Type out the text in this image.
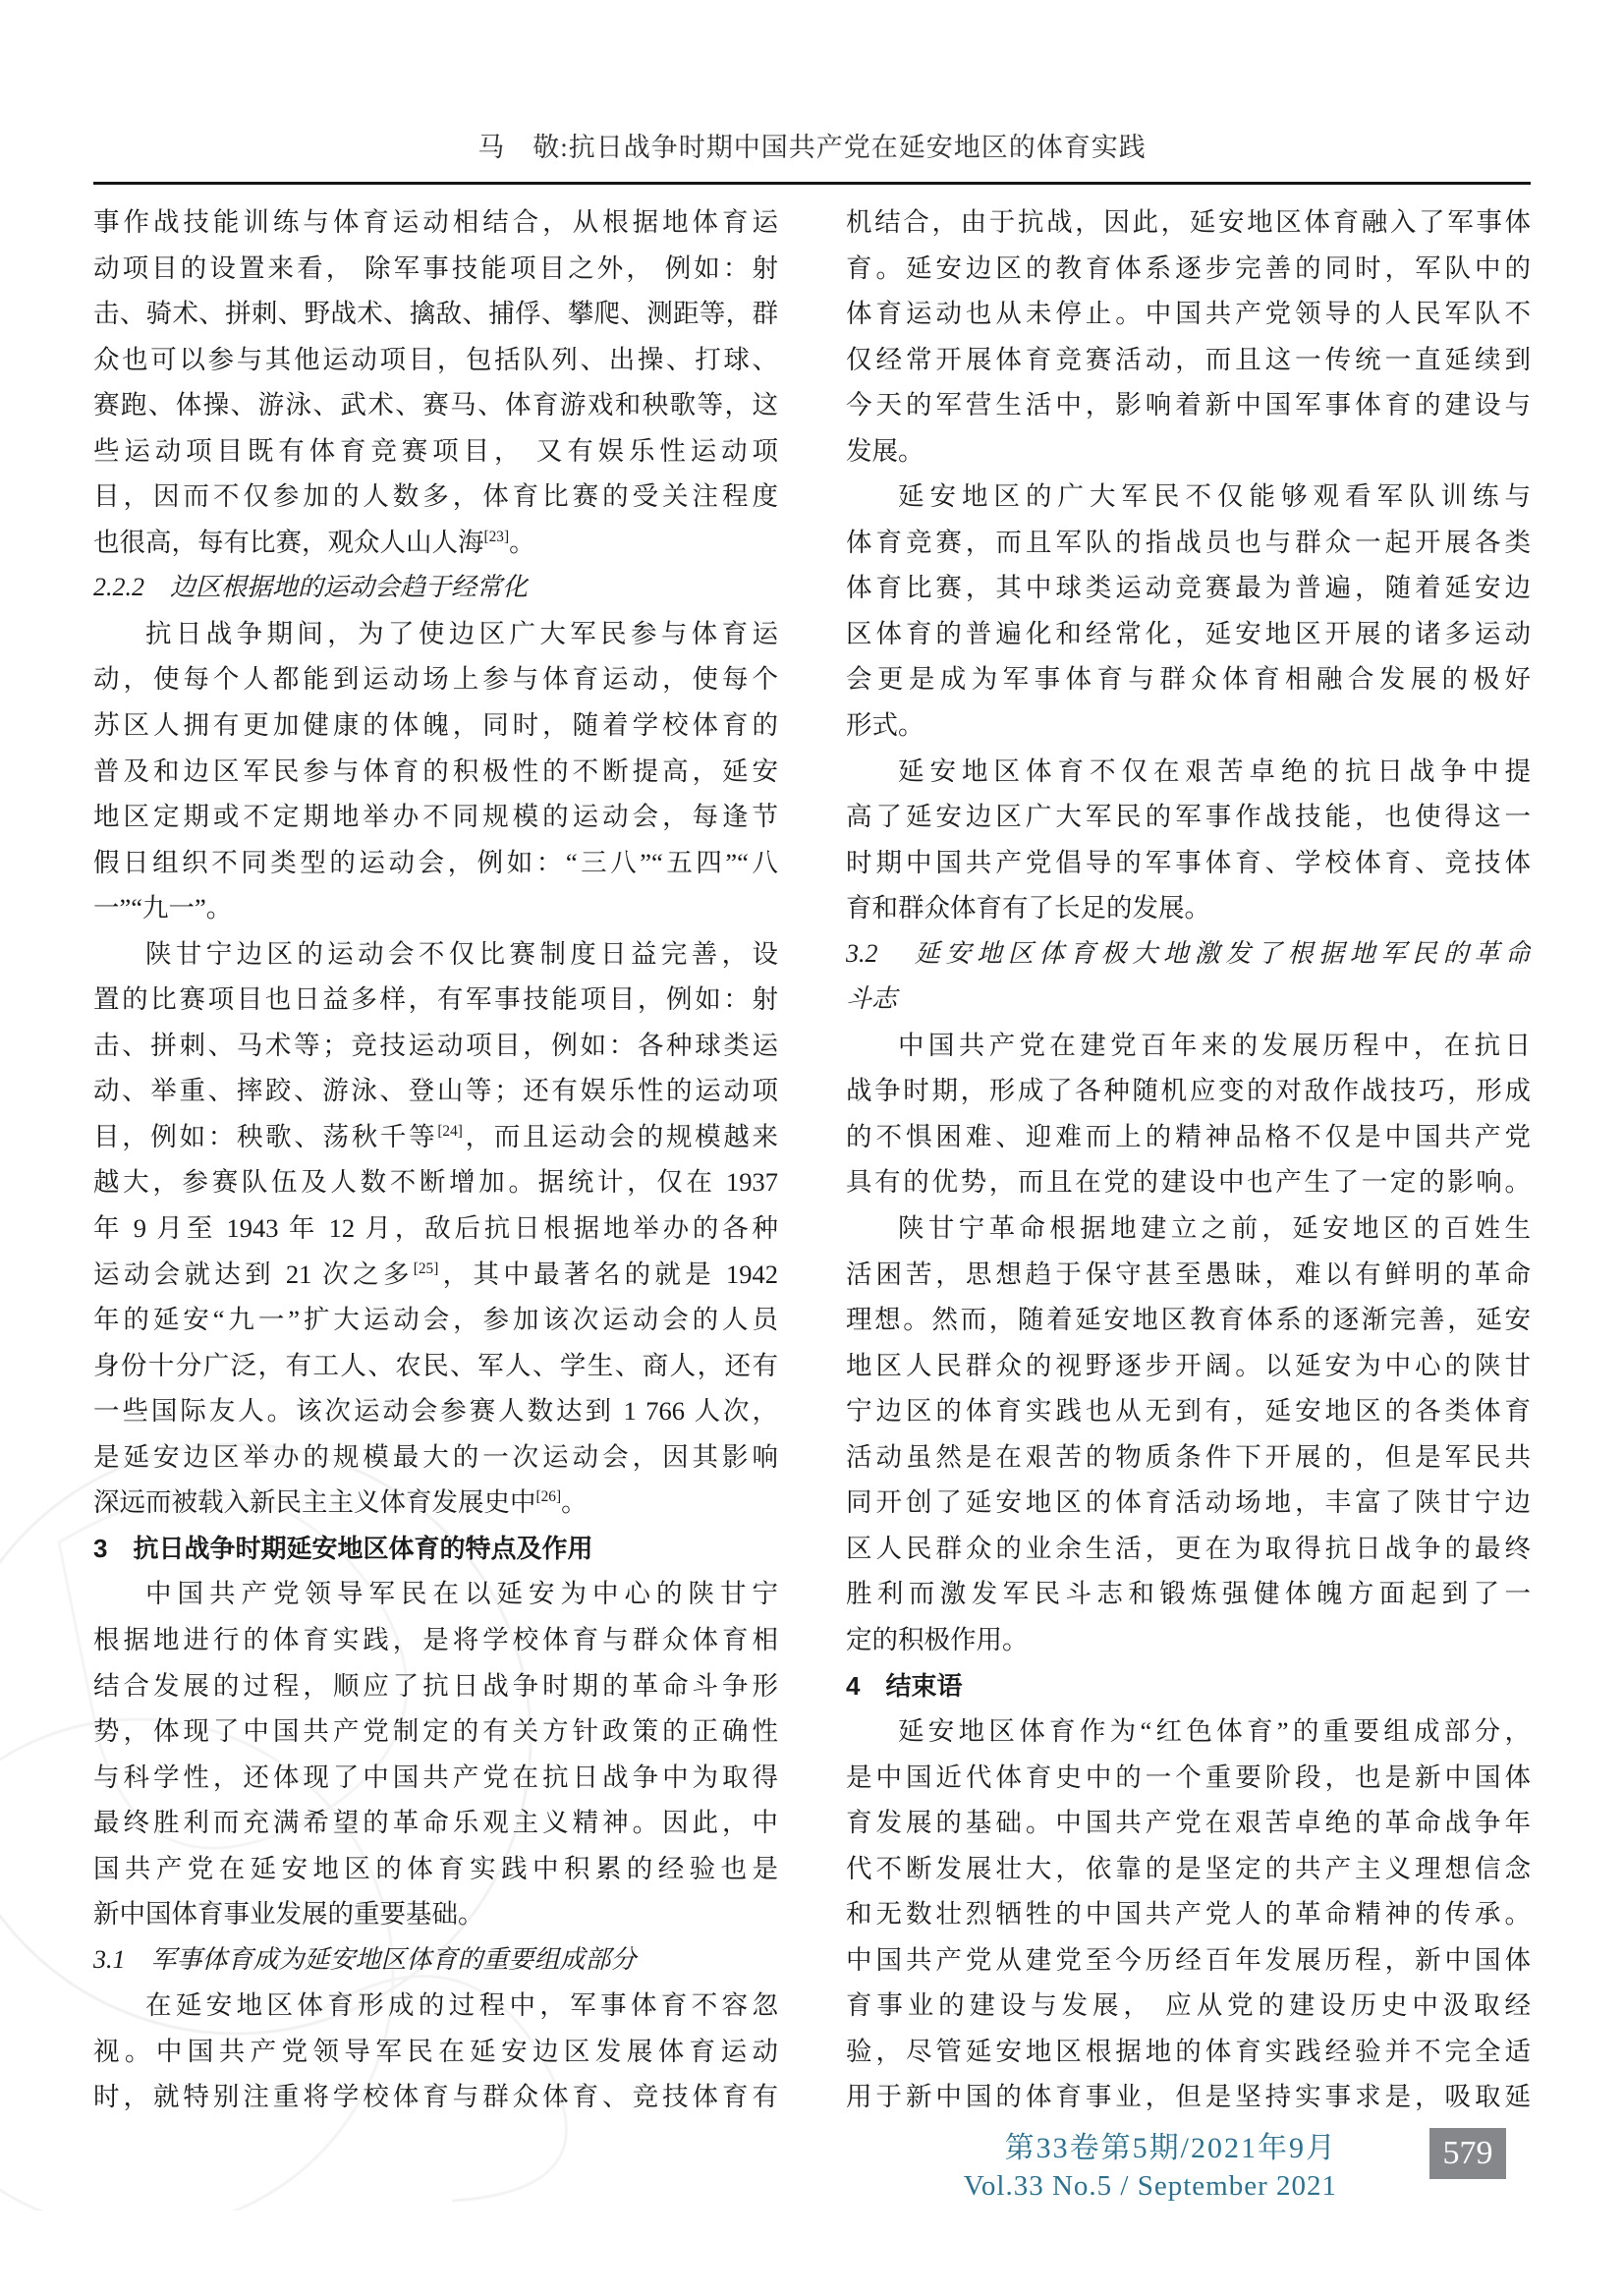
马　敬:抗日战争时期中国共产党在延安地区的体育实践
事作战技能训练与体育运动相结合，从根据地体育运
动项目的设置来看， 除军事技能项目之外， 例如：射
击、骑术、拼刺、野战术、擒敌、捕俘、攀爬、测距等，群
众也可以参与其他运动项目，包括队列、出操、打球、
赛跑、体操、游泳、武术、赛马、体育游戏和秧歌等，这
些运动项目既有体育竞赛项目， 又有娱乐性运动项
目，因而不仅参加的人数多，体育比赛的受关注程度
也很高，每有比赛，观众人山人海[23]。
2.2.2　边区根据地的运动会趋于经常化
抗日战争期间，为了使边区广大军民参与体育运
动，使每个人都能到运动场上参与体育运动，使每个
苏区人拥有更加健康的体魄，同时，随着学校体育的
普及和边区军民参与体育的积极性的不断提高，延安
地区定期或不定期地举办不同规模的运动会，每逢节
假日组织不同类型的运动会，例如：“三八”“五四”“八
一”“九一”。
陕甘宁边区的运动会不仅比赛制度日益完善，设
置的比赛项目也日益多样，有军事技能项目，例如：射
击、拼刺、马术等；竞技运动项目，例如：各种球类运
动、举重、摔跤、游泳、登山等；还有娱乐性的运动项
目，例如：秧歌、荡秋千等[24]，而且运动会的规模越来
越大，参赛队伍及人数不断增加。据统计，仅在 1937
年 9 月至 1943 年 12 月，敌后抗日根据地举办的各种
运动会就达到 21 次之多[25]，其中最著名的就是 1942
年的延安“九一”扩大运动会，参加该次运动会的人员
身份十分广泛，有工人、农民、军人、学生、商人，还有
一些国际友人。该次运动会参赛人数达到 1 766 人次，
是延安边区举办的规模最大的一次运动会，因其影响
深远而被载入新民主主义体育发展史中[26]。
3　抗日战争时期延安地区体育的特点及作用
中国共产党领导军民在以延安为中心的陕甘宁
根据地进行的体育实践，是将学校体育与群众体育相
结合发展的过程，顺应了抗日战争时期的革命斗争形
势，体现了中国共产党制定的有关方针政策的正确性
与科学性，还体现了中国共产党在抗日战争中为取得
最终胜利而充满希望的革命乐观主义精神。因此，中
国共产党在延安地区的体育实践中积累的经验也是
新中国体育事业发展的重要基础。
3.1　军事体育成为延安地区体育的重要组成部分
在延安地区体育形成的过程中，军事体育不容忽
视。中国共产党领导军民在延安边区发展体育运动
时，就特别注重将学校体育与群众体育、竞技体育有
机结合，由于抗战，因此，延安地区体育融入了军事体
育。延安边区的教育体系逐步完善的同时，军队中的
体育运动也从未停止。中国共产党领导的人民军队不
仅经常开展体育竞赛活动，而且这一传统一直延续到
今天的军营生活中，影响着新中国军事体育的建设与
发展。
延安地区的广大军民不仅能够观看军队训练与
体育竞赛，而且军队的指战员也与群众一起开展各类
体育比赛，其中球类运动竞赛最为普遍，随着延安边
区体育的普遍化和经常化，延安地区开展的诸多运动
会更是成为军事体育与群众体育相融合发展的极好
形式。
延安地区体育不仅在艰苦卓绝的抗日战争中提
高了延安边区广大军民的军事作战技能，也使得这一
时期中国共产党倡导的军事体育、学校体育、竞技体
育和群众体育有了长足的发展。
3.2　延安地区体育极大地激发了根据地军民的革命
斗志
中国共产党在建党百年来的发展历程中，在抗日
战争时期，形成了各种随机应变的对敌作战技巧，形成
的不惧困难、迎难而上的精神品格不仅是中国共产党
具有的优势，而且在党的建设中也产生了一定的影响。
陕甘宁革命根据地建立之前，延安地区的百姓生
活困苦，思想趋于保守甚至愚昧，难以有鲜明的革命
理想。然而，随着延安地区教育体系的逐渐完善，延安
地区人民群众的视野逐步开阔。以延安为中心的陕甘
宁边区的体育实践也从无到有，延安地区的各类体育
活动虽然是在艰苦的物质条件下开展的，但是军民共
同开创了延安地区的体育活动场地，丰富了陕甘宁边
区人民群众的业余生活，更在为取得抗日战争的最终
胜利而激发军民斗志和锻炼强健体魄方面起到了一
定的积极作用。
4　结束语
延安地区体育作为“红色体育”的重要组成部分，
是中国近代体育史中的一个重要阶段，也是新中国体
育发展的基础。中国共产党在艰苦卓绝的革命战争年
代不断发展壮大，依靠的是坚定的共产主义理想信念
和无数壮烈牺牲的中国共产党人的革命精神的传承。
中国共产党从建党至今历经百年发展历程，新中国体
育事业的建设与发展， 应从党的建设历史中汲取经
验，尽管延安地区根据地的体育实践经验并不完全适
用于新中国的体育事业，但是坚持实事求是，吸取延
第33卷第5期/2021年9月
Vol.33 No.5 / September 2021
579
